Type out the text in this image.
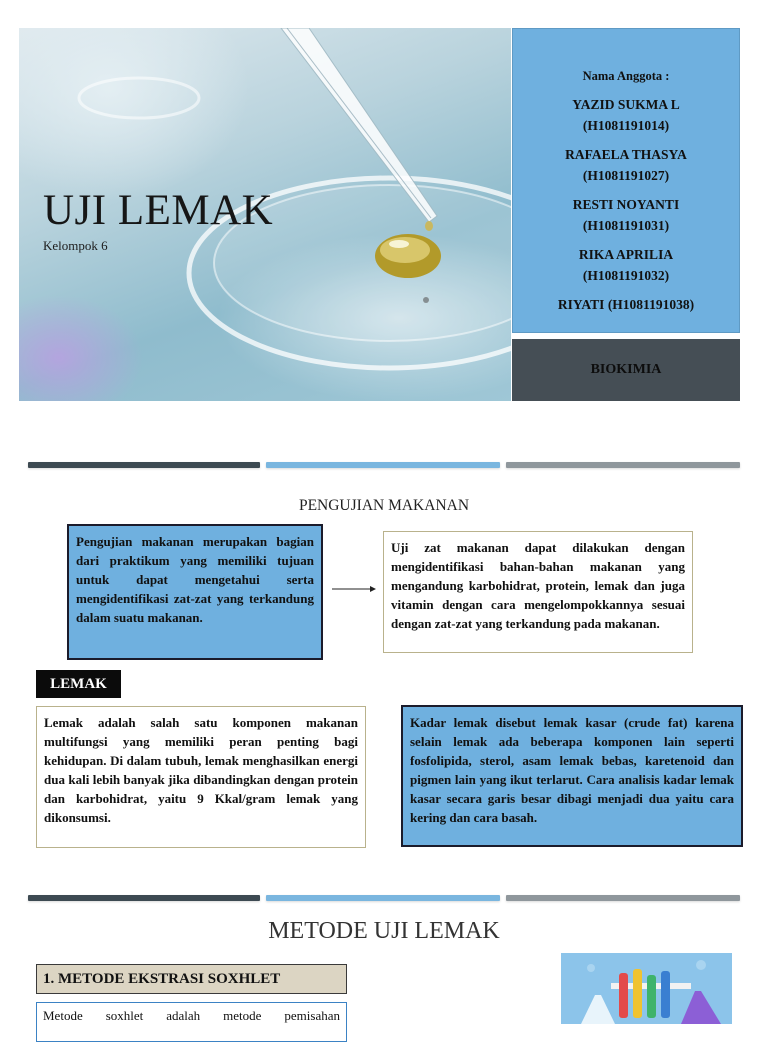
UJI LEMAK
Kelompok 6
Nama Anggota :
YAZID SUKMA L
(H1081191014)
RAFAELA THASYA
(H1081191027)
RESTI NOYANTI
(H1081191031)
RIKA APRILIA
(H1081191032)
RIYATI (H1081191038)
BIOKIMIA
PENGUJIAN MAKANAN
Pengujian makanan merupakan bagian dari praktikum yang memiliki tujuan untuk dapat mengetahui serta mengidentifikasi zat-zat yang terkandung dalam suatu makanan.
Uji zat makanan dapat dilakukan dengan mengidentifikasi bahan-bahan makanan yang mengandung karbohidrat, protein, lemak dan juga vitamin dengan cara mengelompokkannya sesuai dengan zat-zat yang terkandung pada makanan.
LEMAK
Lemak adalah salah satu komponen makanan multifungsi yang memiliki peran penting bagi kehidupan. Di dalam tubuh, lemak menghasilkan energi dua kali lebih banyak jika dibandingkan dengan protein dan karbohidrat, yaitu 9 Kkal/gram lemak yang dikonsumsi.
Kadar lemak disebut lemak kasar (crude fat) karena selain lemak ada beberapa komponen lain seperti fosfolipida, sterol, asam lemak bebas, karetenoid dan pigmen lain yang ikut terlarut. Cara analisis kadar lemak kasar secara garis besar dibagi menjadi dua yaitu cara kering dan cara basah.
METODE UJI LEMAK
1. METODE EKSTRASI SOXHLET
Metode soxhlet adalah metode pemisahan
